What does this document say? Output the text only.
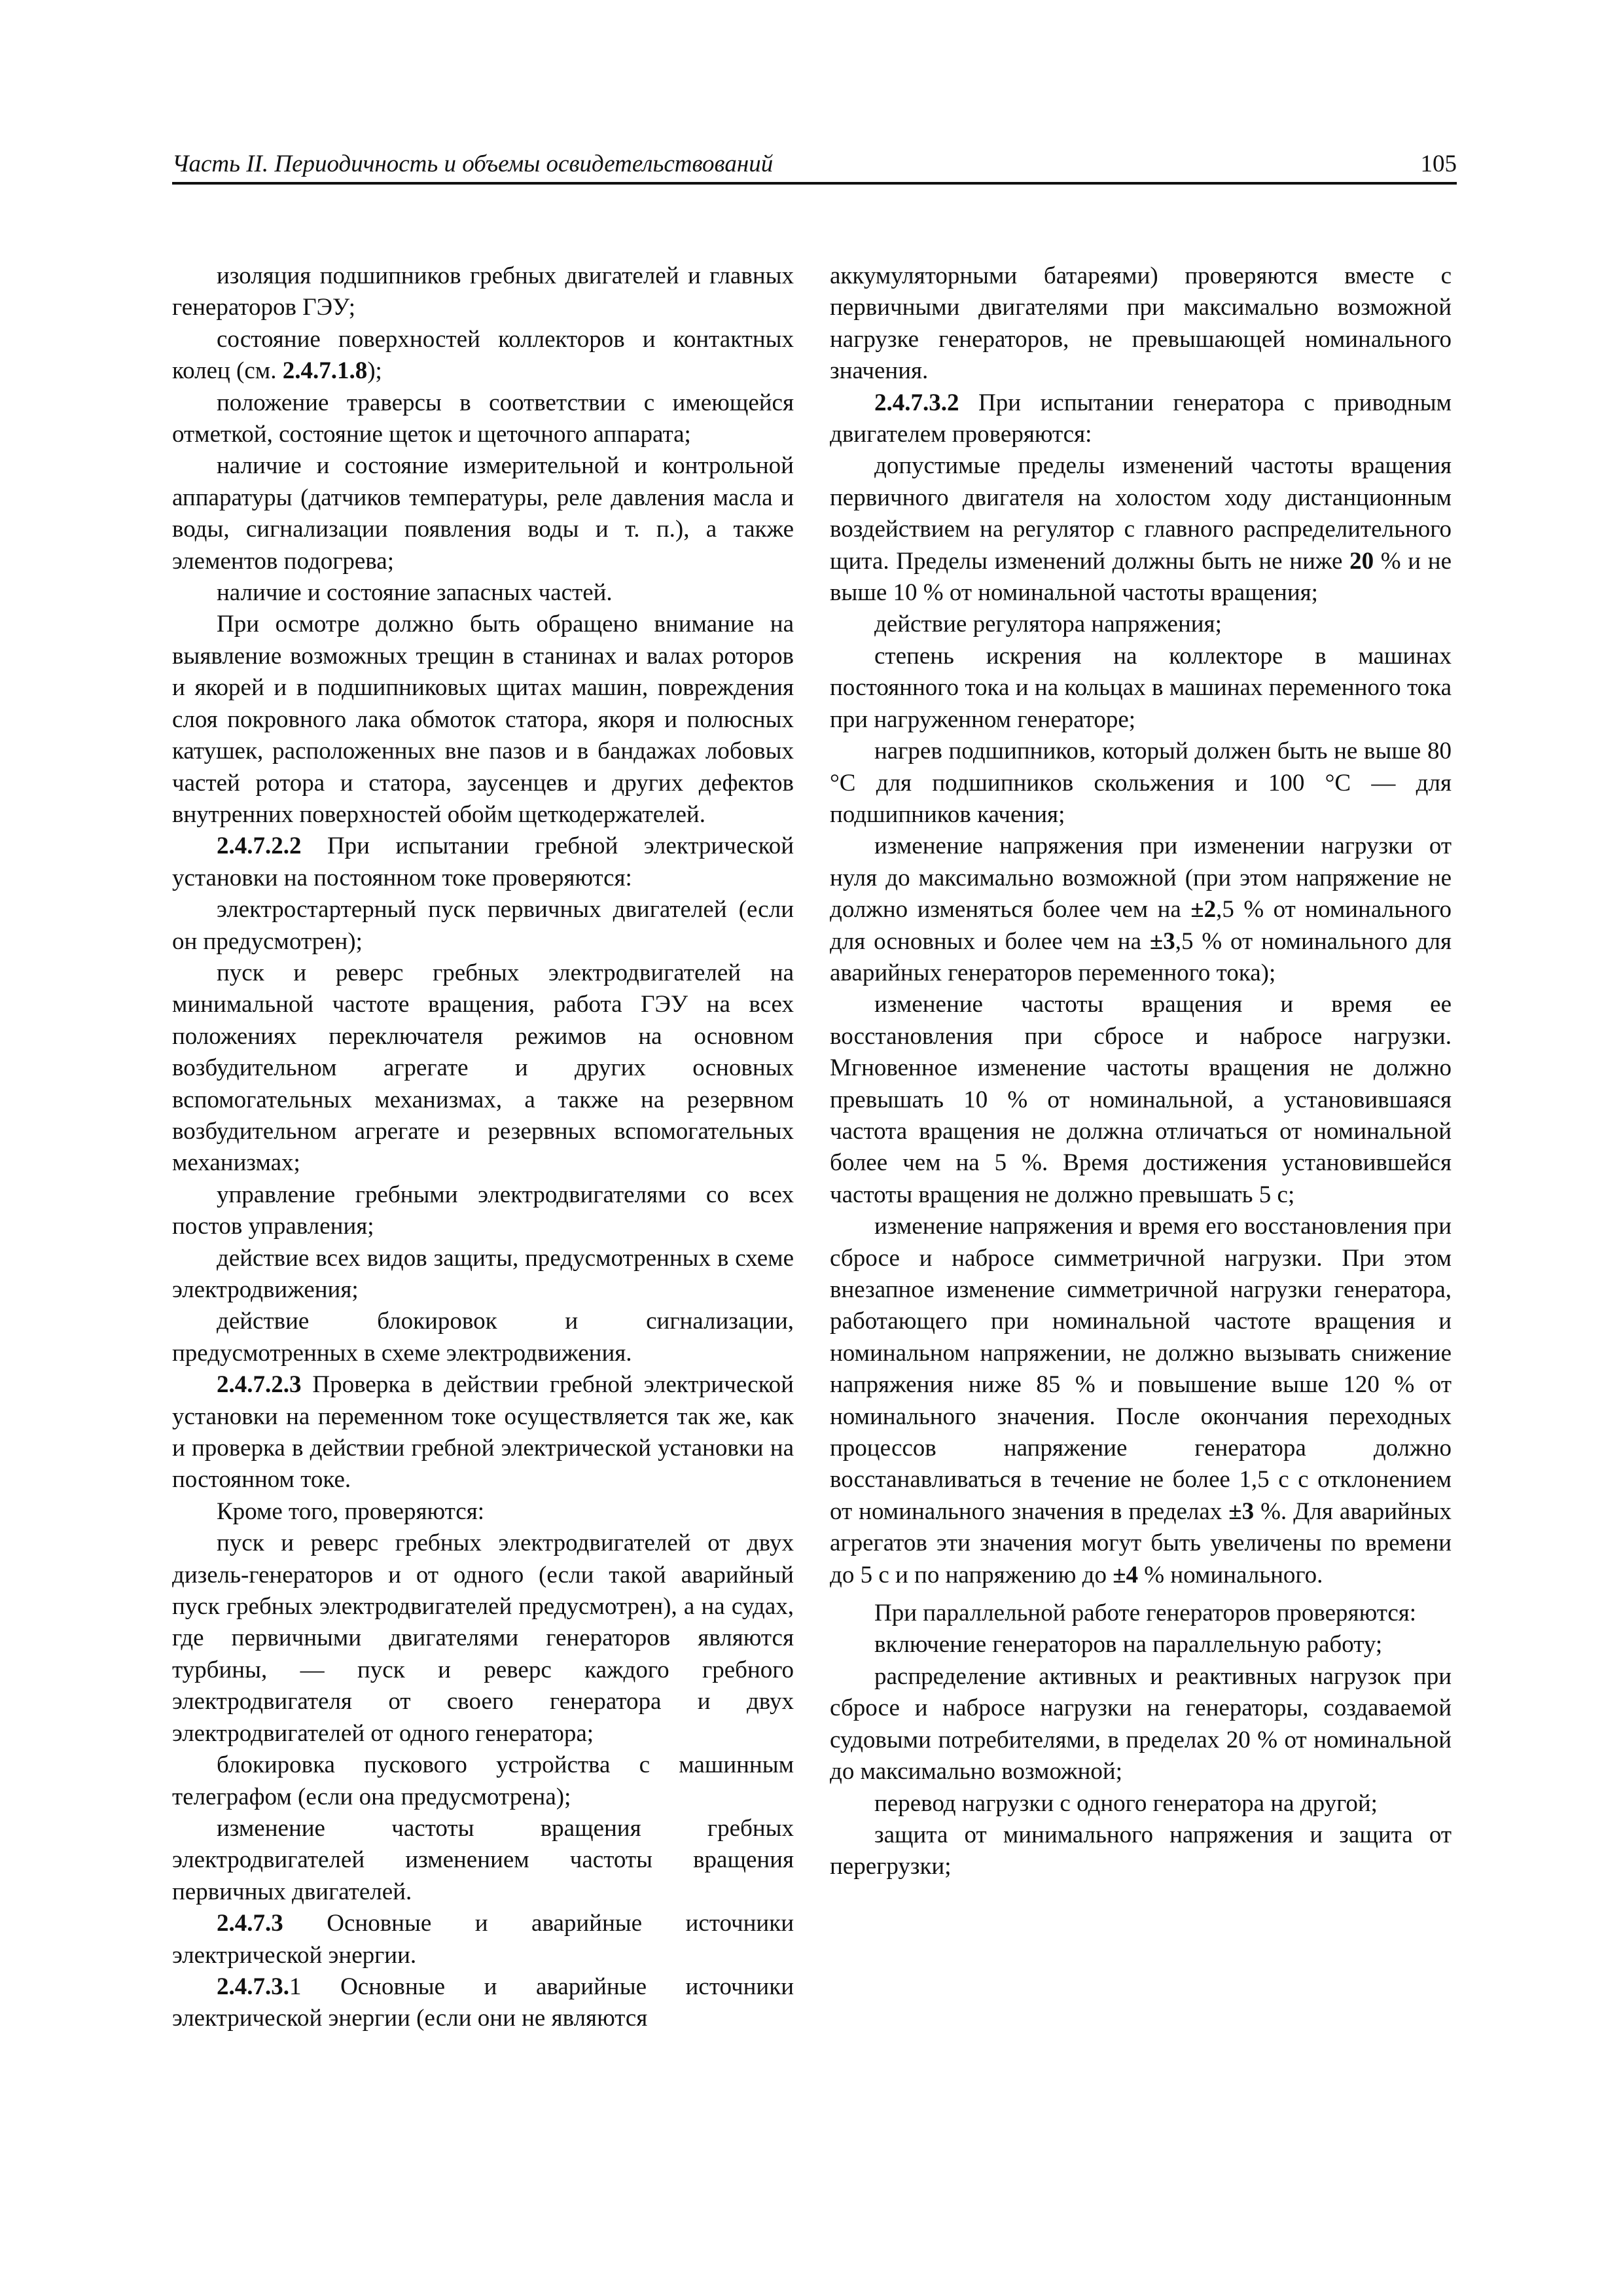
Часть II. Периодичность и объемы освидетельствований	105

изоляция подшипников гребных двигателей и главных генераторов ГЭУ;

состояние поверхностей коллекторов и контактных колец (см. 2.4.7.1.8);

положение траверсы в соответствии с имеющейся отметкой, состояние щеток и щеточного аппарата;

наличие и состояние измерительной и контрольной аппаратуры (датчиков температуры, реле давления масла и воды, сигнализации появления воды и т. п.), а также элементов подогрева;

наличие и состояние запасных частей.

При осмотре должно быть обращено внимание на выявление возможных трещин в станинах и валах роторов и якорей и в подшипниковых щитах машин, повреждения слоя покровного лака обмоток статора, якоря и полюсных катушек, расположенных вне пазов и в бандажах лобовых частей ротора и статора, заусенцев и других дефектов внутренних поверхностей обойм щеткодержателей.

2.4.7.2.2 При испытании гребной электрической установки на постоянном токе проверяются:

электростартерный пуск первичных двигателей (если он предусмотрен);

пуск и реверс гребных электродвигателей на минимальной частоте вращения, работа ГЭУ на всех положениях переключателя режимов на основном возбудительном агрегате и других основных вспомогательных механизмах, а также на резервном возбудительном агрегате и резервных вспомогательных механизмах;

управление гребными электродвигателями со всех постов управления;

действие всех видов защиты, предусмотренных в схеме электродвижения;

действие блокировок и сигнализации, предусмотренных в схеме электродвижения.

2.4.7.2.3 Проверка в действии гребной электрической установки на переменном токе осуществляется так же, как и проверка в действии гребной электрической установки на постоянном токе.

Кроме того, проверяются:

пуск и реверс гребных электродвигателей от двух дизель-генераторов и от одного (если такой аварийный пуск гребных электродвигателей предусмотрен), а на судах, где первичными двигателями генераторов являются турбины, — пуск и реверс каждого гребного электродвигателя от своего генератора и двух электродвигателей от одного генератора;

блокировка пускового устройства с машинным телеграфом (если она предусмотрена);

изменение частоты вращения гребных электродвигателей изменением частоты вращения первичных двигателей.

2.4.7.3 Основные и аварийные источники электрической энергии.

2.4.7.3.1 Основные и аварийные источники электрической энергии (если они не являются

аккумуляторными батареями) проверяются вместе с первичными двигателями при максимально возможной нагрузке генераторов, не превышающей номинального значения.

2.4.7.3.2 При испытании генератора с приводным двигателем проверяются:

допустимые пределы изменений частоты вращения первичного двигателя на холостом ходу дистанционным воздействием на регулятор с главного распределительного щита. Пределы изменений должны быть не ниже 20 % и не выше 10 % от номинальной частоты вращения;

действие регулятора напряжения;

степень искрения на коллекторе в машинах постоянного тока и на кольцах в машинах переменного тока при нагруженном генераторе;

нагрев подшипников, который должен быть не выше 80 °С для подшипников скольжения и 100 °С — для подшипников качения;

изменение напряжения при изменении нагрузки от нуля до максимально возможной (при этом напряжение не должно изменяться более чем на ±2,5 % от номинального для основных и более чем на ±3,5 % от номинального для аварийных генераторов переменного тока);

изменение частоты вращения и время ее восстановления при сбросе и набросе нагрузки. Мгновенное изменение частоты вращения не должно превышать 10 % от номинальной, а установившаяся частота вращения не должна отличаться от номинальной более чем на 5 %. Время достижения установившейся частоты вращения не должно превышать 5 с;

изменение напряжения и время его восстановления при сбросе и набросе симметричной нагрузки. При этом внезапное изменение симметричной нагрузки генератора, работающего при номинальной частоте вращения и номинальном напряжении, не должно вызывать снижение напряжения ниже 85 % и повышение выше 120 % от номинального значения. После окончания переходных процессов напряжение генератора должно восстанавливаться в течение не более 1,5 с с отклонением от номинального значения в пределах ±3 %. Для аварийных агрегатов эти значения могут быть увеличены по времени до 5 с и по напряжению до ±4 % номинального.

При параллельной работе генераторов проверяются:

включение генераторов на параллельную работу;

распределение активных и реактивных нагрузок при сбросе и набросе нагрузки на генераторы, создаваемой судовыми потребителями, в пределах 20 % от номинальной до максимально возможной;

перевод нагрузки с одного генератора на другой;

защита от минимального напряжения и защита от перегрузки;
